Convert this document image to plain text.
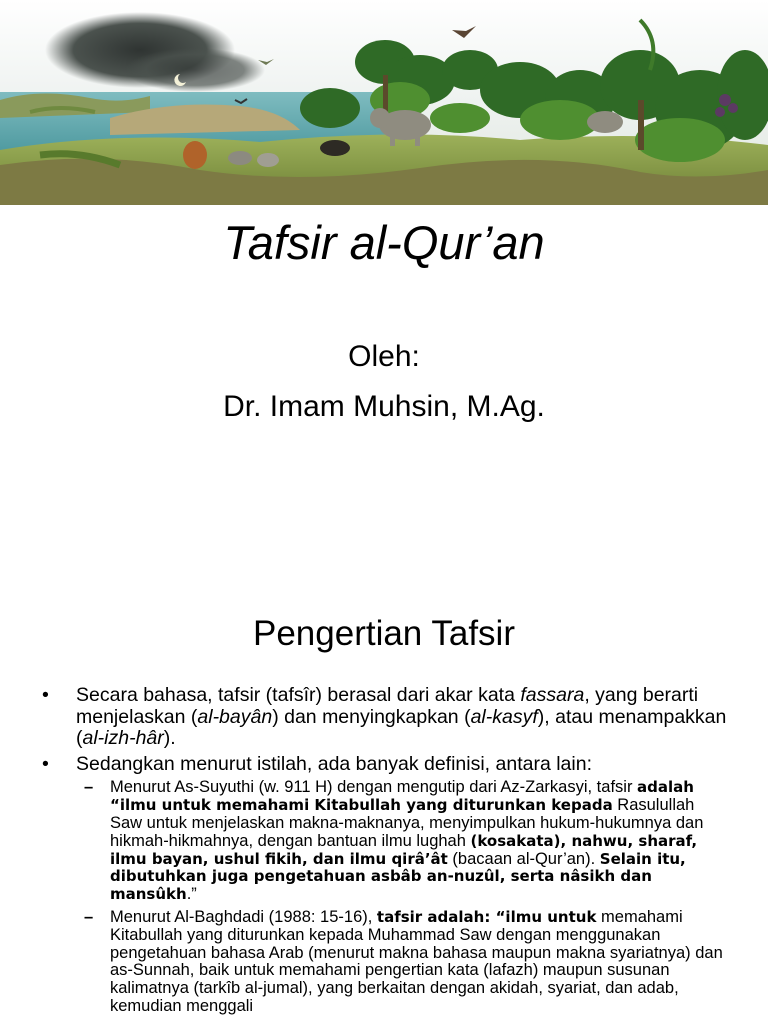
Tafsir al-Qur’an
Oleh:
Dr. Imam Muhsin, M.Ag.
Pengertian Tafsir
• Secara bahasa, tafsir (tafsîr) berasal dari akar kata fassara, yang berarti menjelaskan (al-bayân) dan menyingkapkan (al-kasyf), atau menampakkan (al-izh-hâr).
• Sedangkan menurut istilah, ada banyak definisi, antara lain:
– Menurut As-Suyuthi (w. 911 H) dengan mengutip dari Az-Zarkasyi, tafsir adalah “ilmu untuk memahami Kitabullah yang diturunkan kepada Rasulullah Saw untuk menjelaskan makna-maknanya, menyimpulkan hukum-hukumnya dan hikmah-hikmahnya, dengan bantuan ilmu lughah (kosakata), nahwu, sharaf, ilmu bayan, ushul fikih, dan ilmu qirâ’ât (bacaan al-Qur’an). Selain itu, dibutuhkan juga pengetahuan asbâb an-nuzûl, serta nâsikh dan mansûkh.”
– Menurut Al-Baghdadi (1988: 15-16), tafsir adalah: “ilmu untuk memahami Kitabullah yang diturunkan kepada Muhammad Saw dengan menggunakan pengetahuan bahasa Arab (menurut makna bahasa maupun makna syariatnya) dan as-Sunnah, baik untuk memahami pengertian kata (lafazh) maupun susunan kalimatnya (tarkîb al-jumal), yang berkaitan dengan akidah, syariat, dan adab, kemudian menggali
